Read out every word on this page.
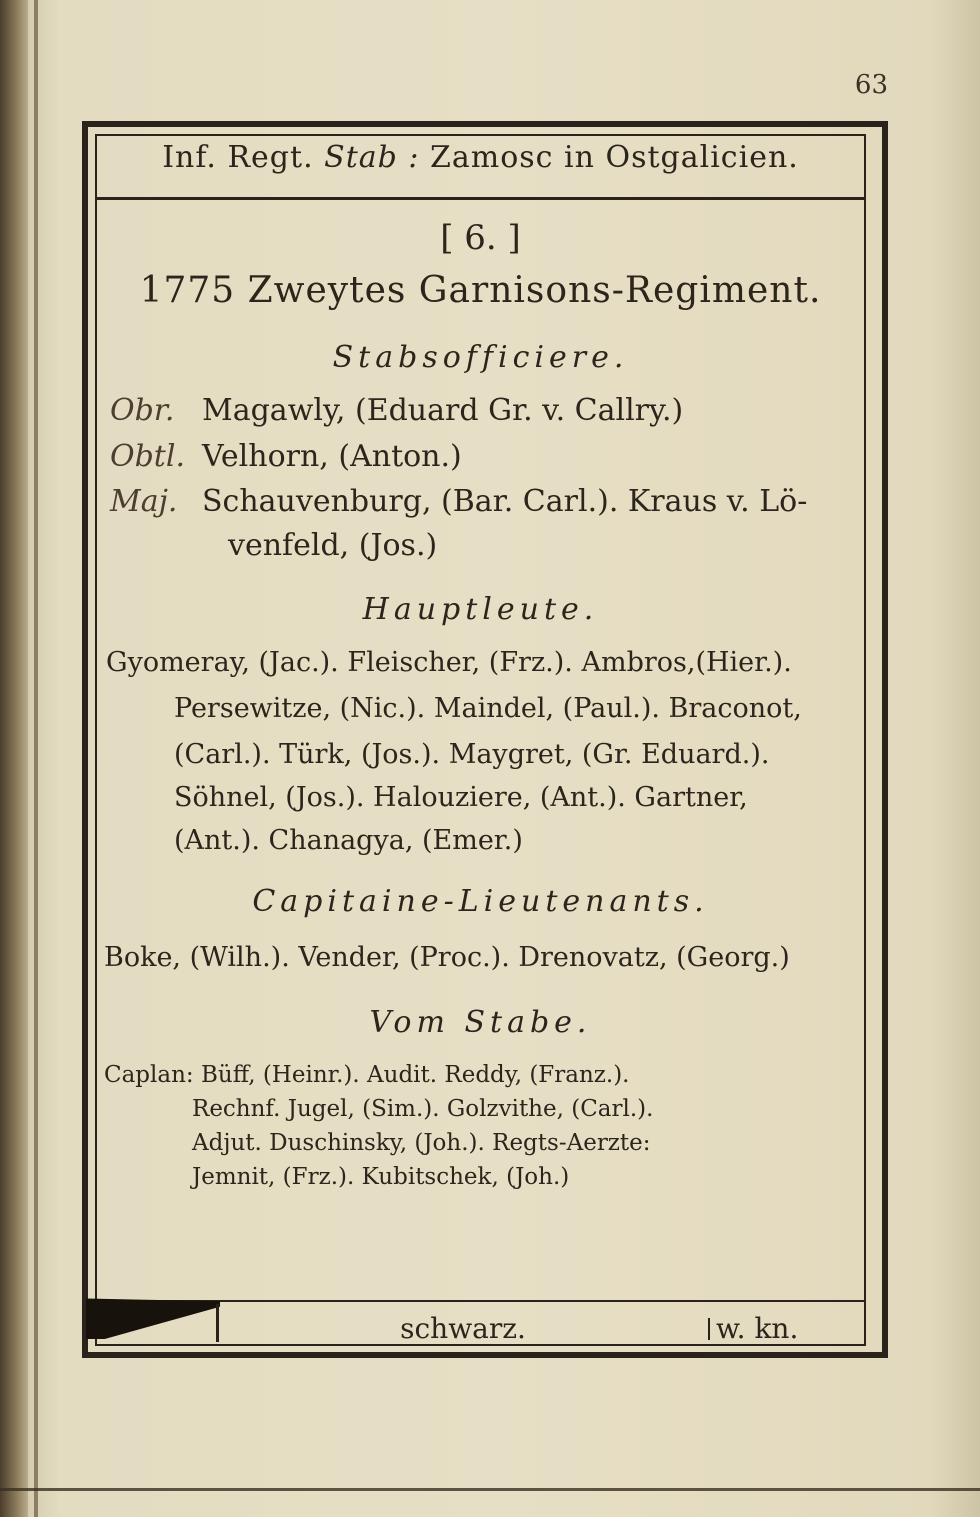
63
Inf. Regt. Stab : Zamosc in Ostgalicien.
[ 6. ]
1775 Zweytes Garnisons-Regiment.
Stabsofficiere.
Obr. Magawly, (Eduard Gr. v. Callry.)
Obtl. Velhorn, (Anton.)
Maj. Schauvenburg, (Bar. Carl.). Kraus v. Lö-
venfeld, (Jos.)
Hauptleute.
Gyomeray, (Jac.). Fleischer, (Frz.). Ambros,(Hier.).
Persewitze, (Nic.). Maindel, (Paul.). Braconot,
(Carl.). Türk, (Jos.). Maygret, (Gr. Eduard.).
Söhnel, (Jos.). Halouziere, (Ant.). Gartner,
(Ant.). Chanagya, (Emer.)
Capitaine-Lieutenants.
Boke, (Wilh.). Vender, (Proc.). Drenovatz, (Georg.)
Vom Stabe.
Caplan: Büff, (Heinr.). Audit. Reddy, (Franz.).
Rechnf. Jugel, (Sim.). Golzvithe, (Carl.).
Adjut. Duschinsky, (Joh.). Regts-Aerzte:
Jemnit, (Frz.). Kubitschek, (Joh.)
schwarz.	w. kn.
